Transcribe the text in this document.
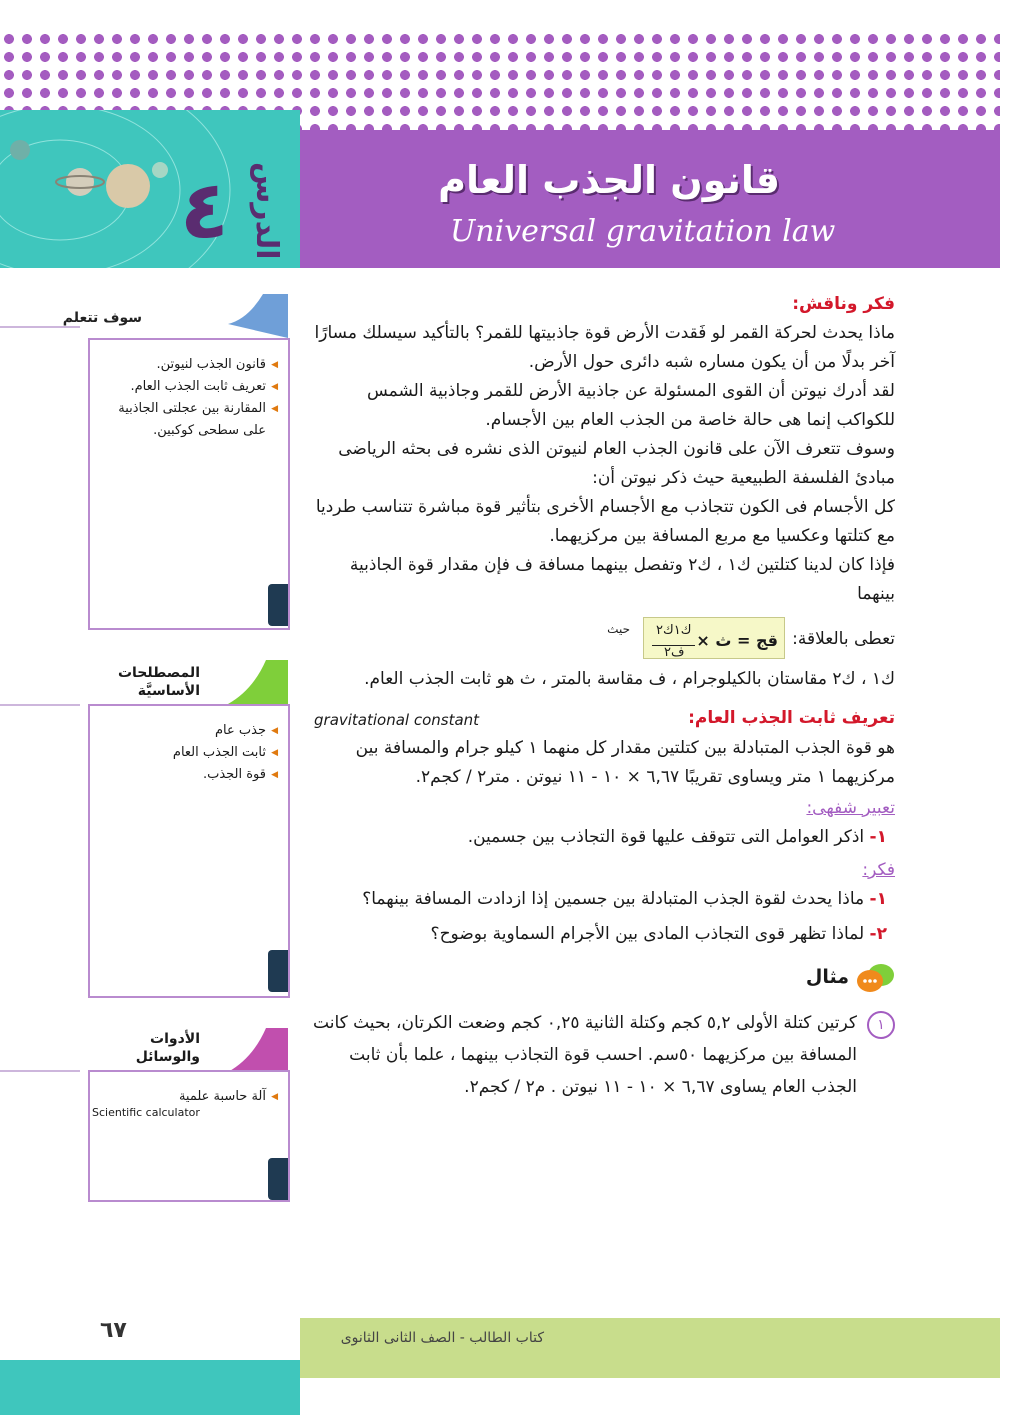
الدرس
٤	قانون الجذب العام
Universal gravitation law
سوف تتعلم
◀ قانون الجذب لنيوتن.
◀ تعريف ثابت الجذب العام.
◀ المقارنة بين عجلتى الجاذبية على سطحى كوكبين.
المصطلحات
الأساسيَّة
◀ جذب عام
◀ ثابت الجذب العام
◀ قوة الجذب.
الأدوات
والوسائل
◀ آلة حاسبة علمية
Scientific calculator
فكر وناقش:
ماذا يحدث لحركة القمر لو فَقدت الأرض قوة جاذبيتها للقمر؟ بالتأكيد سيسلك مسارًا آخر بدلًا من أن يكون مساره شبه دائرى حول الأرض.
لقد أدرك نيوتن أن القوى المسئولة عن جاذبية الأرض للقمر وجاذبية الشمس للكواكب إنما هى حالة خاصة من الجذب العام بين الأجسام.
وسوف تتعرف الآن على قانون الجذب العام لنيوتن الذى نشره فى بحثه الرياضى مبادئ الفلسفة الطبيعية حيث ذكر نيوتن أن:
كل الأجسام فى الكون تتجاذب مع الأجسام الأخرى بتأثير قوة مباشرة تتناسب طرديا مع كتلتها وعكسيا مع مربع المسافة بين مركزيهما.
فإذا كان لدينا كتلتين ك١ ، ك٢ وتفصل بينهما مسافة ف فإن مقدار قوة الجاذبية بينهما
تعطى بالعلاقة:
قج = ث ×
ك١ك٢
ف٢
حيث
ك١ ، ك٢ مقاستان بالكيلوجرام ، ف مقاسة بالمتر ، ث هو ثابت الجذب العام.
تعريف ثابت الجذب العام:
gravitational constant
هو قوة الجذب المتبادلة بين كتلتين مقدار كل منهما ١ كيلو جرام والمسافة بين مركزيهما ١ متر ويساوى تقريبًا ٦,٦٧ × ١٠ - ١١ نيوتن . متر٢ / كجم٢.
تعبير شفهى:
١- اذكر العوامل التى تتوقف عليها قوة التجاذب بين جسمين.
فكر:
١- ماذا يحدث لقوة الجذب المتبادلة بين جسمين إذا ازدادت المسافة بينهما؟
٢- لماذا تظهر قوى التجاذب المادى بين الأجرام السماوية بوضوح؟
مثال
١
كرتين كتلة الأولى ٥,٢ كجم وكتلة الثانية ٠,٢٥ كجم وضعت الكرتان، بحيث كانت المسافة بين مركزيهما ٥٠سم. احسب قوة التجاذب بينهما ، علما بأن ثابت الجذب العام يساوى ٦,٦٧ × ١٠ - ١١ نيوتن . م٢ / كجم٢.
كتاب الطالب - الصف الثانى الثانوى
٦٧
